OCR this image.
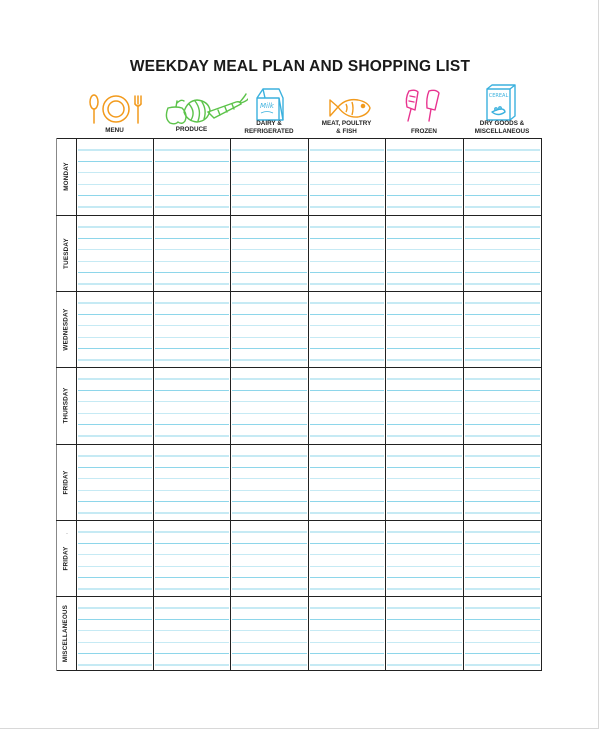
WEEKDAY MEAL PLAN AND SHOPPING LIST
Milk
CEREAL
MENU	PRODUCE
DAIRY &
REFRIGERATED
MEAT, POULTRY
& FISH	FROZEN
DRY GOODS &
MISCELLANEOUS
MONDAY
TUESDAY
WEDNESDAY
THURSDAY
FRIDAY
·
FRIDAY
MISCELLANEOUS
